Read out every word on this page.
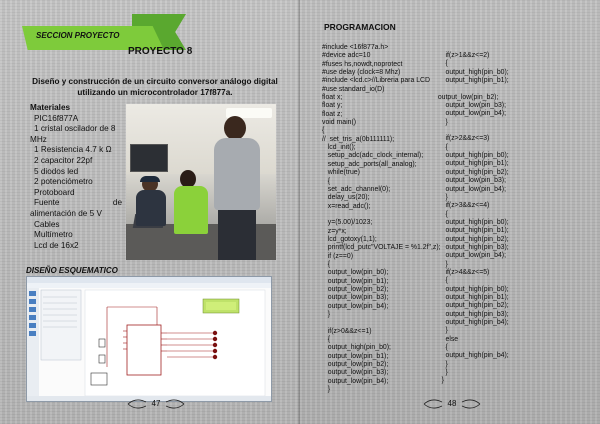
SECCION PROYECTO
PROYECTO 8
Diseño y construcción de un circuito conversor análogo digital utilizando un microcontrolador 17f877a.
Materiales
PIC16f877A
1 cristal oscilador de 8
MHz
1 Resistencia 4.7 k Ω
2 capacitor 22pf
5 diodos led
2 potenciómetro
Protoboard
Fuente	de
alimentación de 5 V
Cables
Multímetro
Lcd de 16x2
DISEÑO ESQUEMATICO
47
PROGRAMACION
#include <16f877a.h>
#device adc=10
#fuses hs,nowdt,noprotect
#use delay (clock=8 Mhz)
#include <lcd.c>//Libreria para LCD
#use standard_io(D)
float x;
float y;
float z;
void main()
{
//  set_tris_a(0b111111);
lcd_init();
setup_adc(adc_clock_internal);
setup_adc_ports(all_analog);
while(true)
{
set_adc_channel(0);
delay_us(20);
x=read_adc();

y=(5.00)/1023;
z=y*x;
lcd_gotoxy(1,1);
printf(lcd_putc"VOLTAJE = %1.2f",z);
if (z==0)
{
output_low(pin_b0);
output_low(pin_b1);
output_low(pin_b2);
output_low(pin_b3);
output_low(pin_b4);
}

if(z>0&&z<=1)
{
output_high(pin_b0);
output_low(pin_b1);
output_low(pin_b2);
output_low(pin_b3);
output_low(pin_b4);
}
if(z>1&&z<=2)
{
output_high(pin_b0);
output_high(pin_b1);

output_low(pin_b2);
output_low(pin_b3);
output_low(pin_b4);
}

if(z>2&&z<=3)
{
output_high(pin_b0);
output_high(pin_b1);
output_high(pin_b2);
output_low(pin_b3);
output_low(pin_b4);
}
if(z>3&&z<=4)
{
output_high(pin_b0);
output_high(pin_b1);
output_high(pin_b2);
output_high(pin_b3);
output_low(pin_b4);
}
if(z>4&&z<=5)
{
output_high(pin_b0);
output_high(pin_b1);
output_high(pin_b2);
output_high(pin_b3);
output_high(pin_b4);
}
else
{
output_high(pin_b4);
}
}
}
48
